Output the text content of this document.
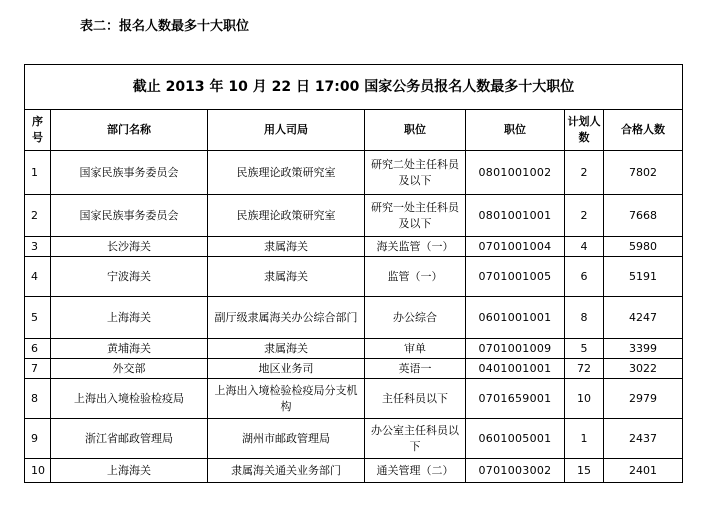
表二：报名人数最多十大职位
截止 2013 年 10 月 22 日 17:00 国家公务员报名人数最多十大职位						
序号	部门名称	用人司局	职位	职位	计划人数	合格人数
1	国家民族事务委员会	民族理论政策研究室	研究二处主任科员及以下	0801001002	2	7802
2	国家民族事务委员会	民族理论政策研究室	研究一处主任科员及以下	0801001001	2	7668
3	长沙海关	隶属海关	海关监管（一）	0701001004	4	5980
4	宁波海关	隶属海关	监管（一）	0701001005	6	5191
5	上海海关	副厅级隶属海关办公综合部门	办公综合	0601001001	8	4247
6	黄埔海关	隶属海关	审单	0701001009	5	3399
7	外交部	地区业务司	英语一	0401001001	72	3022
8	上海出入境检验检疫局	上海出入境检验检疫局分支机构	主任科员以下	0701659001	10	2979
9	浙江省邮政管理局	湖州市邮政管理局	办公室主任科员以下	0601005001	1	2437
10	上海海关	隶属海关通关业务部门	通关管理（二）	0701003002	15	2401
